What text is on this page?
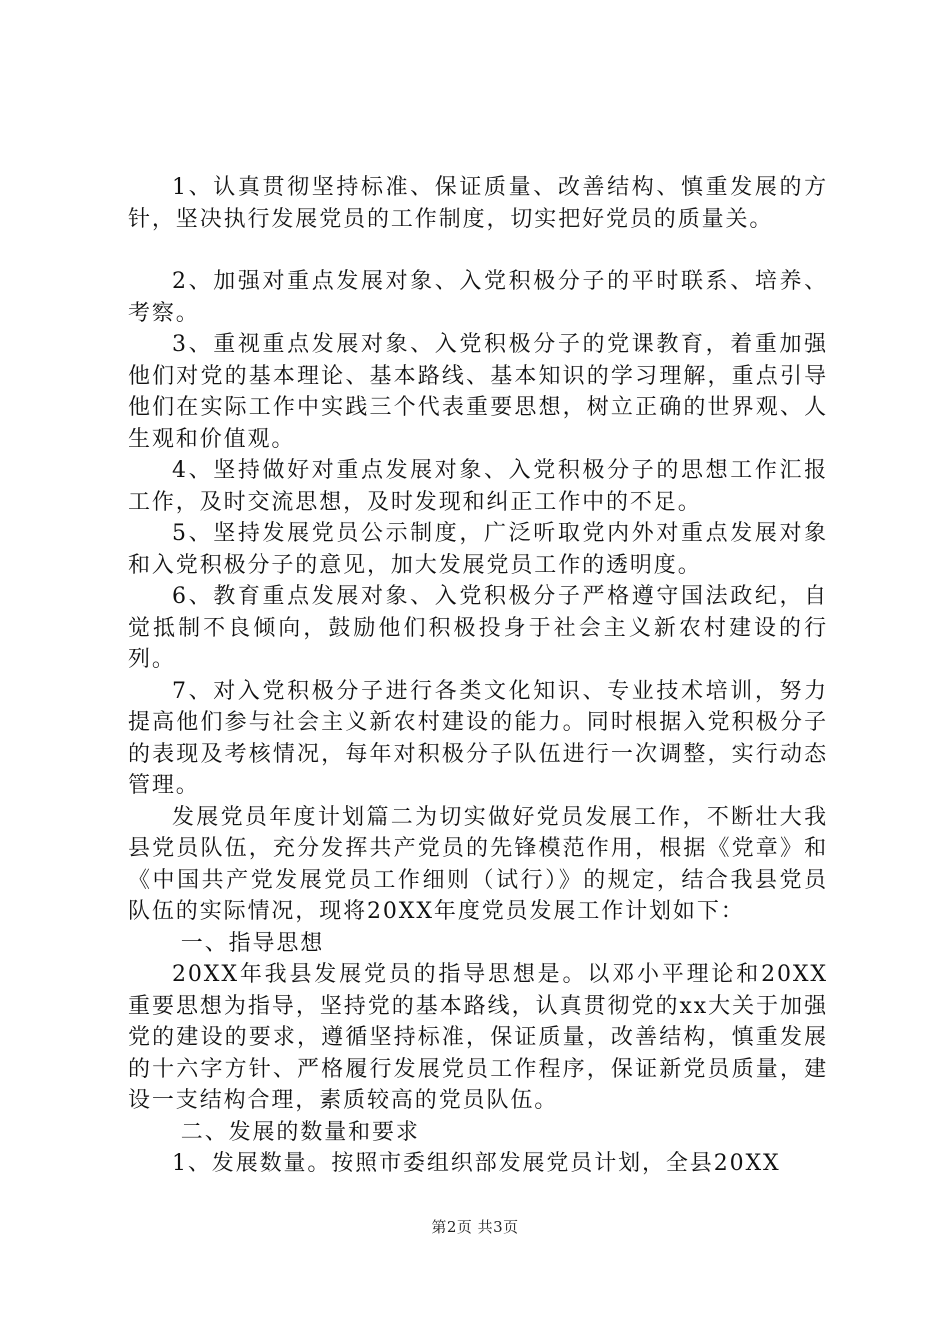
1、认真贯彻坚持标准、保证质量、改善结构、慎重发展的方针，坚决执行发展党员的工作制度，切实把好党员的质量关。

2、加强对重点发展对象、入党积极分子的平时联系、培养、考察。

3、重视重点发展对象、入党积极分子的党课教育，着重加强他们对党的基本理论、基本路线、基本知识的学习理解，重点引导他们在实际工作中实践三个代表重要思想，树立正确的世界观、人生观和价值观。

4、坚持做好对重点发展对象、入党积极分子的思想工作汇报工作，及时交流思想，及时发现和纠正工作中的不足。

5、坚持发展党员公示制度，广泛听取党内外对重点发展对象和入党积极分子的意见，加大发展党员工作的透明度。

6、教育重点发展对象、入党积极分子严格遵守国法政纪，自觉抵制不良倾向，鼓励他们积极投身于社会主义新农村建设的行列。

7、对入党积极分子进行各类文化知识、专业技术培训，努力提高他们参与社会主义新农村建设的能力。同时根据入党积极分子的表现及考核情况，每年对积极分子队伍进行一次调整，实行动态管理。

发展党员年度计划篇二为切实做好党员发展工作，不断壮大我县党员队伍，充分发挥共产党员的先锋模范作用，根据《党章》和《中国共产党发展党员工作细则（试行）》的规定，结合我县党员队伍的实际情况，现将20XX年度党员发展工作计划如下：

一、指导思想

20XX年我县发展党员的指导思想是。以邓小平理论和20XX重要思想为指导，坚持党的基本路线，认真贯彻党的xx大关于加强党的建设的要求，遵循坚持标准，保证质量，改善结构，慎重发展的十六字方针、严格履行发展党员工作程序，保证新党员质量，建设一支结构合理，素质较高的党员队伍。

二、发展的数量和要求

1、发展数量。按照市委组织部发展党员计划，全县20XX

第2页 共3页
